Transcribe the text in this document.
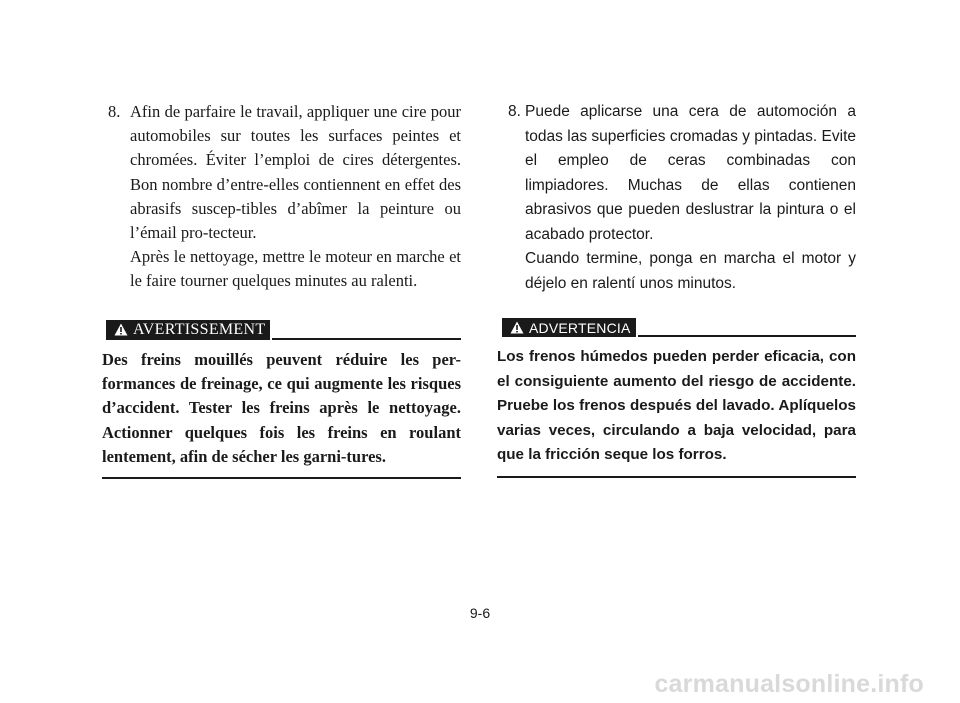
8. Afin de parfaire le travail, appliquer une cire pour automobiles sur toutes les surfaces peintes et chromées. Éviter l’emploi de cires détergentes. Bon nombre d’entre-elles contiennent en effet des abrasifs suscep-tibles d’abîmer la peinture ou l’émail pro-tecteur.

Après le nettoyage, mettre le moteur en marche et le faire tourner quelques minutes au ralenti.

AVERTISSEMENT
Des freins mouillés peuvent réduire les per-formances de freinage, ce qui augmente les risques d’accident. Tester les freins après le nettoyage. Actionner quelques fois les freins en roulant lentement, afin de sécher les garni-tures.
8. Puede aplicarse una cera de automoción a todas las superficies cromadas y pintadas. Evite el empleo de ceras combinadas con limpiadores. Muchas de ellas contienen abrasivos que pueden deslustrar la pintura o el acabado protector.

Cuando termine, ponga en marcha el motor y déjelo en ralentí unos minutos.

ADVERTENCIA
Los frenos húmedos pueden perder eficacia, con el consiguiente aumento del riesgo de accidente. Pruebe los frenos después del lavado. Aplíquelos varias veces, circulando a baja velocidad, para que la fricción seque los forros.
9-6
carmanualsonline.info
